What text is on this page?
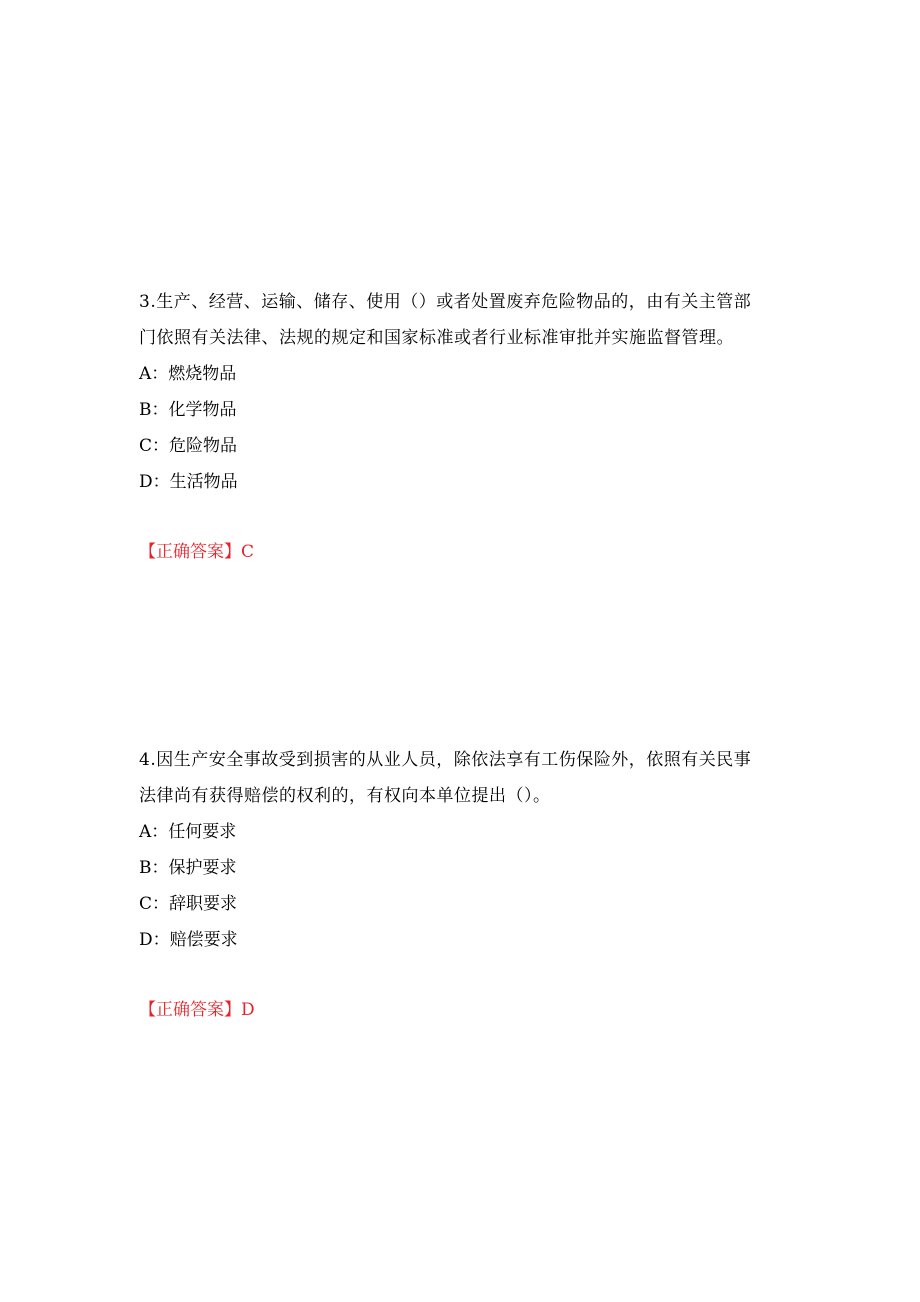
3.生产、经营、运输、储存、使用（）或者处置废弃危险物品的，由有关主管部
门依照有关法律、法规的规定和国家标准或者行业标准审批并实施监督管理。

A：燃烧物品
B：化学物品
C：危险物品
D：生活物品
【正确答案】C

4.因生产安全事故受到损害的从业人员，除依法享有工伤保险外，依照有关民事
法律尚有获得赔偿的权利的，有权向本单位提出（）。

A：任何要求
B：保护要求
C：辞职要求
D：赔偿要求
【正确答案】D
